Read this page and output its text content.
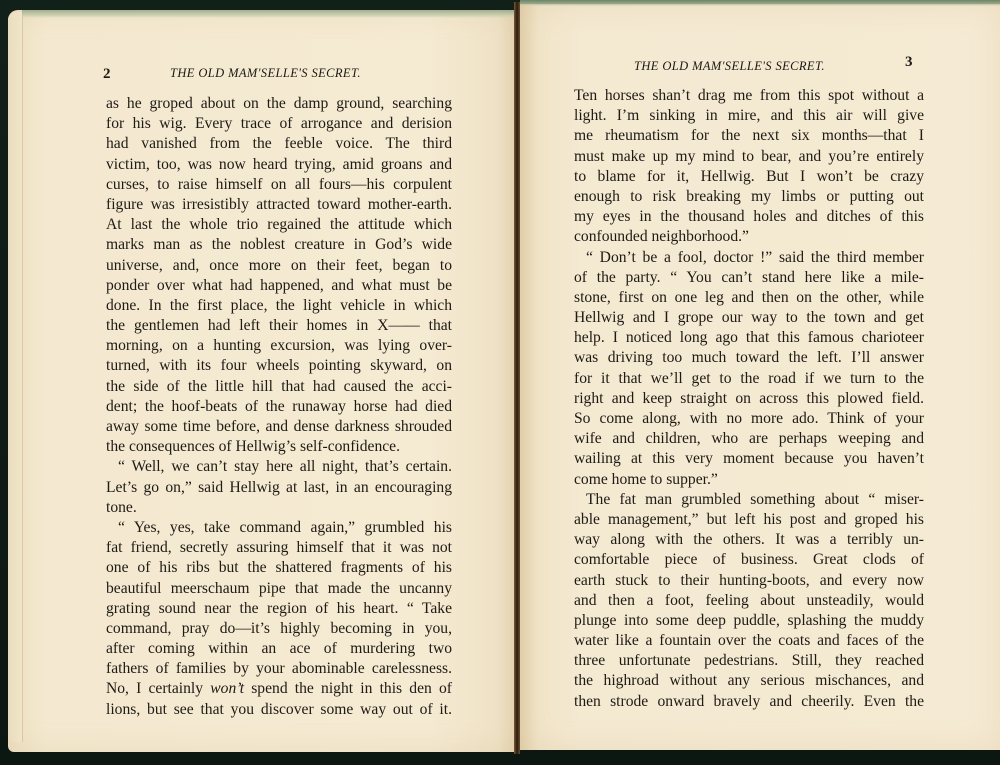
2	THE OLD MAM'SELLE'S SECRET.
as he groped about on the damp ground, searching
for his wig. Every trace of arrogance and derision
had vanished from the feeble voice. The third
victim, too, was now heard trying, amid groans and
curses, to raise himself on all fours—his corpulent
figure was irresistibly attracted toward mother-earth.
At last the whole trio regained the attitude which
marks man as the noblest creature in God’s wide
universe, and, once more on their feet, began to
ponder over what had happened, and what must be
done. In the first place, the light vehicle in which
the gentlemen had left their homes in X—— that
morning, on a hunting excursion, was lying over-
turned, with its four wheels pointing skyward, on
the side of the little hill that had caused the acci-
dent; the hoof-beats of the runaway horse had died
away some time before, and dense darkness shrouded
the consequences of Hellwig’s self-confidence.
“ Well, we can’t stay here all night, that’s certain.
Let’s go on,” said Hellwig at last, in an encouraging
tone.
“ Yes, yes, take command again,” grumbled his
fat friend, secretly assuring himself that it was not
one of his ribs but the shattered fragments of his
beautiful meerschaum pipe that made the uncanny
grating sound near the region of his heart. “ Take
command, pray do—it’s highly becoming in you,
after coming within an ace of murdering two
fathers of families by your abominable carelessness.
No, I certainly won’t spend the night in this den of
lions, but see that you discover some way out of it.
THE OLD MAM'SELLE'S SECRET.	3
Ten horses shan’t drag me from this spot without a
light. I’m sinking in mire, and this air will give
me rheumatism for the next six months—that I
must make up my mind to bear, and you’re entirely
to blame for it, Hellwig. But I won’t be crazy
enough to risk breaking my limbs or putting out
my eyes in the thousand holes and ditches of this
confounded neighborhood.”
“ Don’t be a fool, doctor !” said the third member
of the party. “ You can’t stand here like a mile-
stone, first on one leg and then on the other, while
Hellwig and I grope our way to the town and get
help. I noticed long ago that this famous charioteer
was driving too much toward the left. I’ll answer
for it that we’ll get to the road if we turn to the
right and keep straight on across this plowed field.
So come along, with no more ado. Think of your
wife and children, who are perhaps weeping and
wailing at this very moment because you haven’t
come home to supper.”
The fat man grumbled something about “ miser-
able management,” but left his post and groped his
way along with the others. It was a terribly un-
comfortable piece of business. Great clods of
earth stuck to their hunting-boots, and every now
and then a foot, feeling about unsteadily, would
plunge into some deep puddle, splashing the muddy
water like a fountain over the coats and faces of the
three unfortunate pedestrians. Still, they reached
the highroad without any serious mischances, and
then strode onward bravely and cheerily. Even the
